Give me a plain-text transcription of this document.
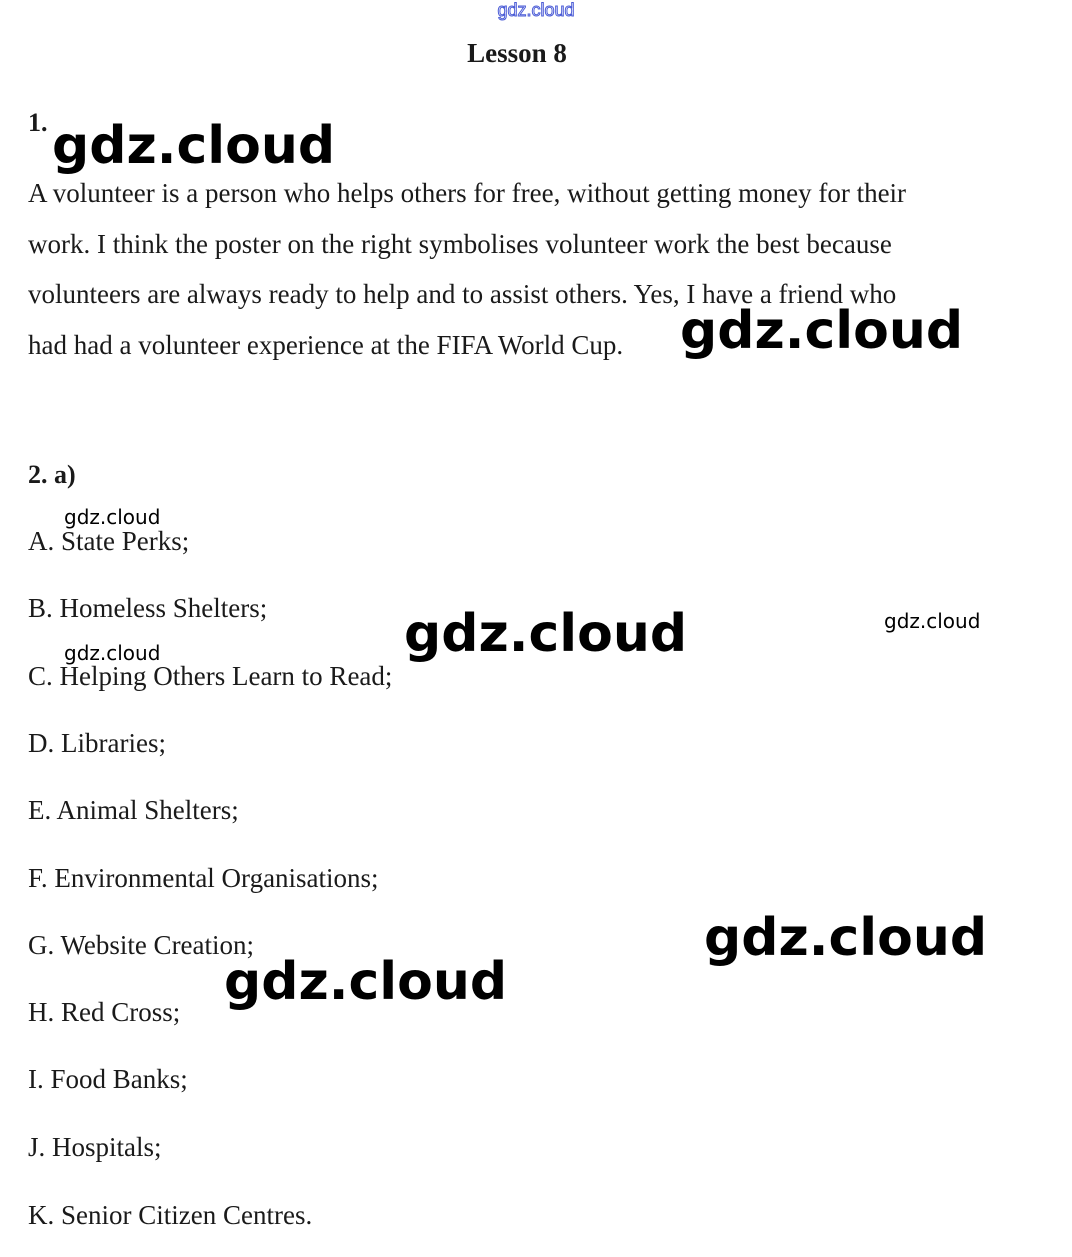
gdz.cloud
Lesson 8
1.
A volunteer is a person who helps others for free, without getting money for their
work. I think the poster on the right symbolises volunteer work the best because
volunteers are always ready to help and to assist others. Yes, I have a friend who
had had a volunteer experience at the FIFA World Cup.
2. a)
A. State Perks;
B. Homeless Shelters;
C. Helping Others Learn to Read;
D. Libraries;
E. Animal Shelters;
F. Environmental Organisations;
G. Website Creation;
H. Red Cross;
I. Food Banks;
J. Hospitals;
K. Senior Citizen Centres.
gdz.cloud
gdz.cloud
gdz.cloud
gdz.cloud	gdz.cloud
gdz.cloud
gdz.cloud
gdz.cloud
